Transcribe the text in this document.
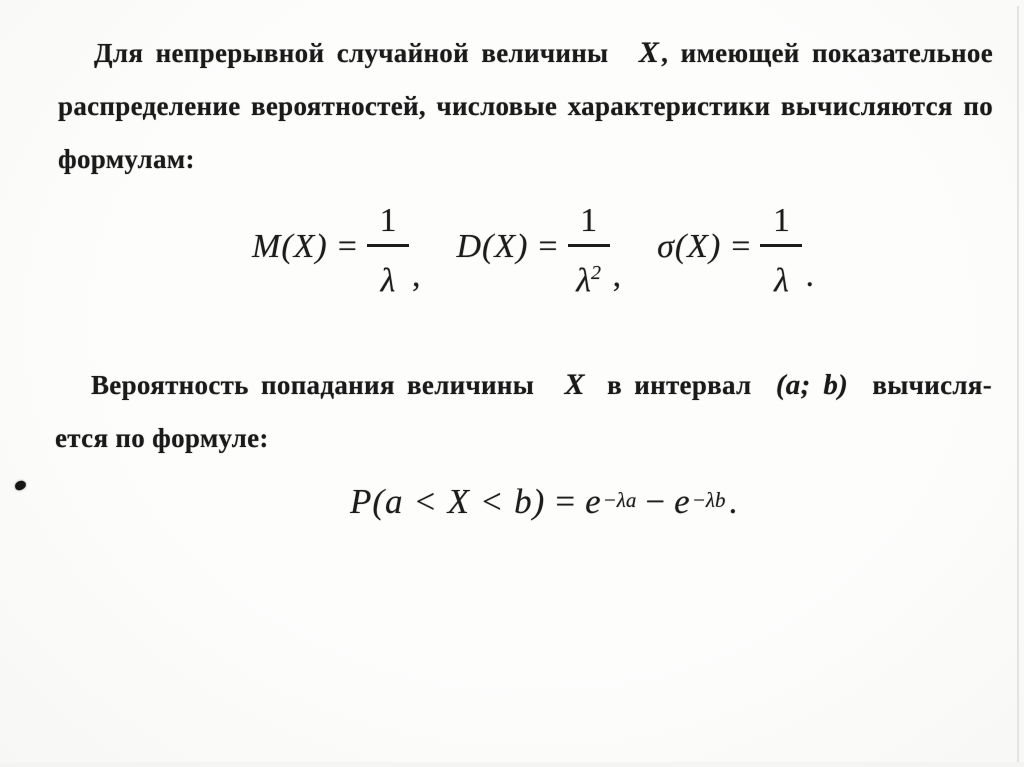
Для непрерывной случайной величины X, имеющей показательное
распределение вероятностей, числовые характеристики вычисляются по
формулам:
$M(X) = \frac{1}{\lambda}$ ,
$D(X) = \frac{1}{\lambda^2}$ ,
$\sigma(X) = \frac{1}{\lambda}$ .
Вероятность попадания величины X в интервал (a; b) вычисля-
ется по формуле:
P(a < X < b) = e −λa − e −λb .
